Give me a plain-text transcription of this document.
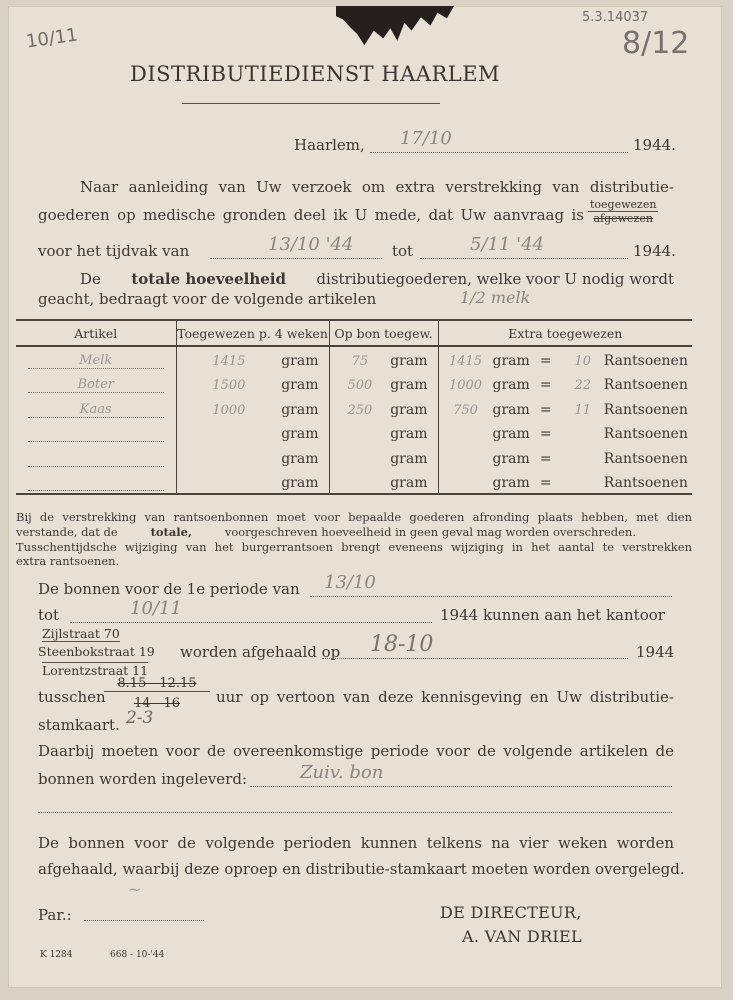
10/11
5.3.14037
8/12
DISTRIBUTIEDIENST HAARLEM
Haarlem, 17/10	1944.
Naar aanleiding van Uw verzoek om extra verstrekking van distributie-
goederen op medische gronden deel ik U mede, dat Uw aanvraag is $\frac{\text{toegewezen}}{\text{afgewezen}}$
voor het tijdvak van	13/10 '44	tot	5/11 '44	1944.
De totale hoeveelheid distributiegoederen, welke voor U nodig wordt
geacht, bedraagt voor de volgende artikelen	1/2 melk
Artikel	Toegewezen p. 4 weken	Op bon toegew.	Extra toegewezen

Melk	1415 gram	75 gram	1415 gram = 10 Rantsoenen

Boter	1500 gram	500 gram	1000 gram = 22 Rantsoenen

Kaas	1000 gram	250 gram	750 gram = 11 Rantsoenen

	gram	gram	gram = Rantsoenen

	gram	gram	gram = Rantsoenen

	gram	gram	gram = Rantsoenen
Bij de verstrekking van rantsoenbonnen moet voor bepaalde goederen afronding plaats hebben, met dien
verstande, dat de	totale,	voorgeschreven hoeveelheid in geen geval mag worden overschreden.
Tusschentijdsche wijziging van het burgerrantsoen brengt eveneens wijziging in het aantal te verstrekken
extra rantsoenen.
De bonnen voor de 1e periode van 13/10
tot	10/11	1944 kunnen aan het kantoor
Zijlstraat 70
Steenbokstraat 19 worden afgehaald op 18-10	1944
Lorentzstraat 11
tusschen
8.15—12.15
14—16	uur op vertoon van deze kennisgeving en Uw distributie-
stamkaart. 2-3
Daarbij moeten voor de overeenkomstige periode voor de volgende artikelen de
bonnen worden ingeleverd:	Zuiv. bon
De bonnen voor de volgende perioden kunnen telkens na vier weken worden
afgehaald, waarbij deze oproep en distributie-stamkaart moeten worden overgelegd.
Par.:
~
DE DIRECTEUR,
A. VAN DRIEL
K 1284	668 - 10-'44
